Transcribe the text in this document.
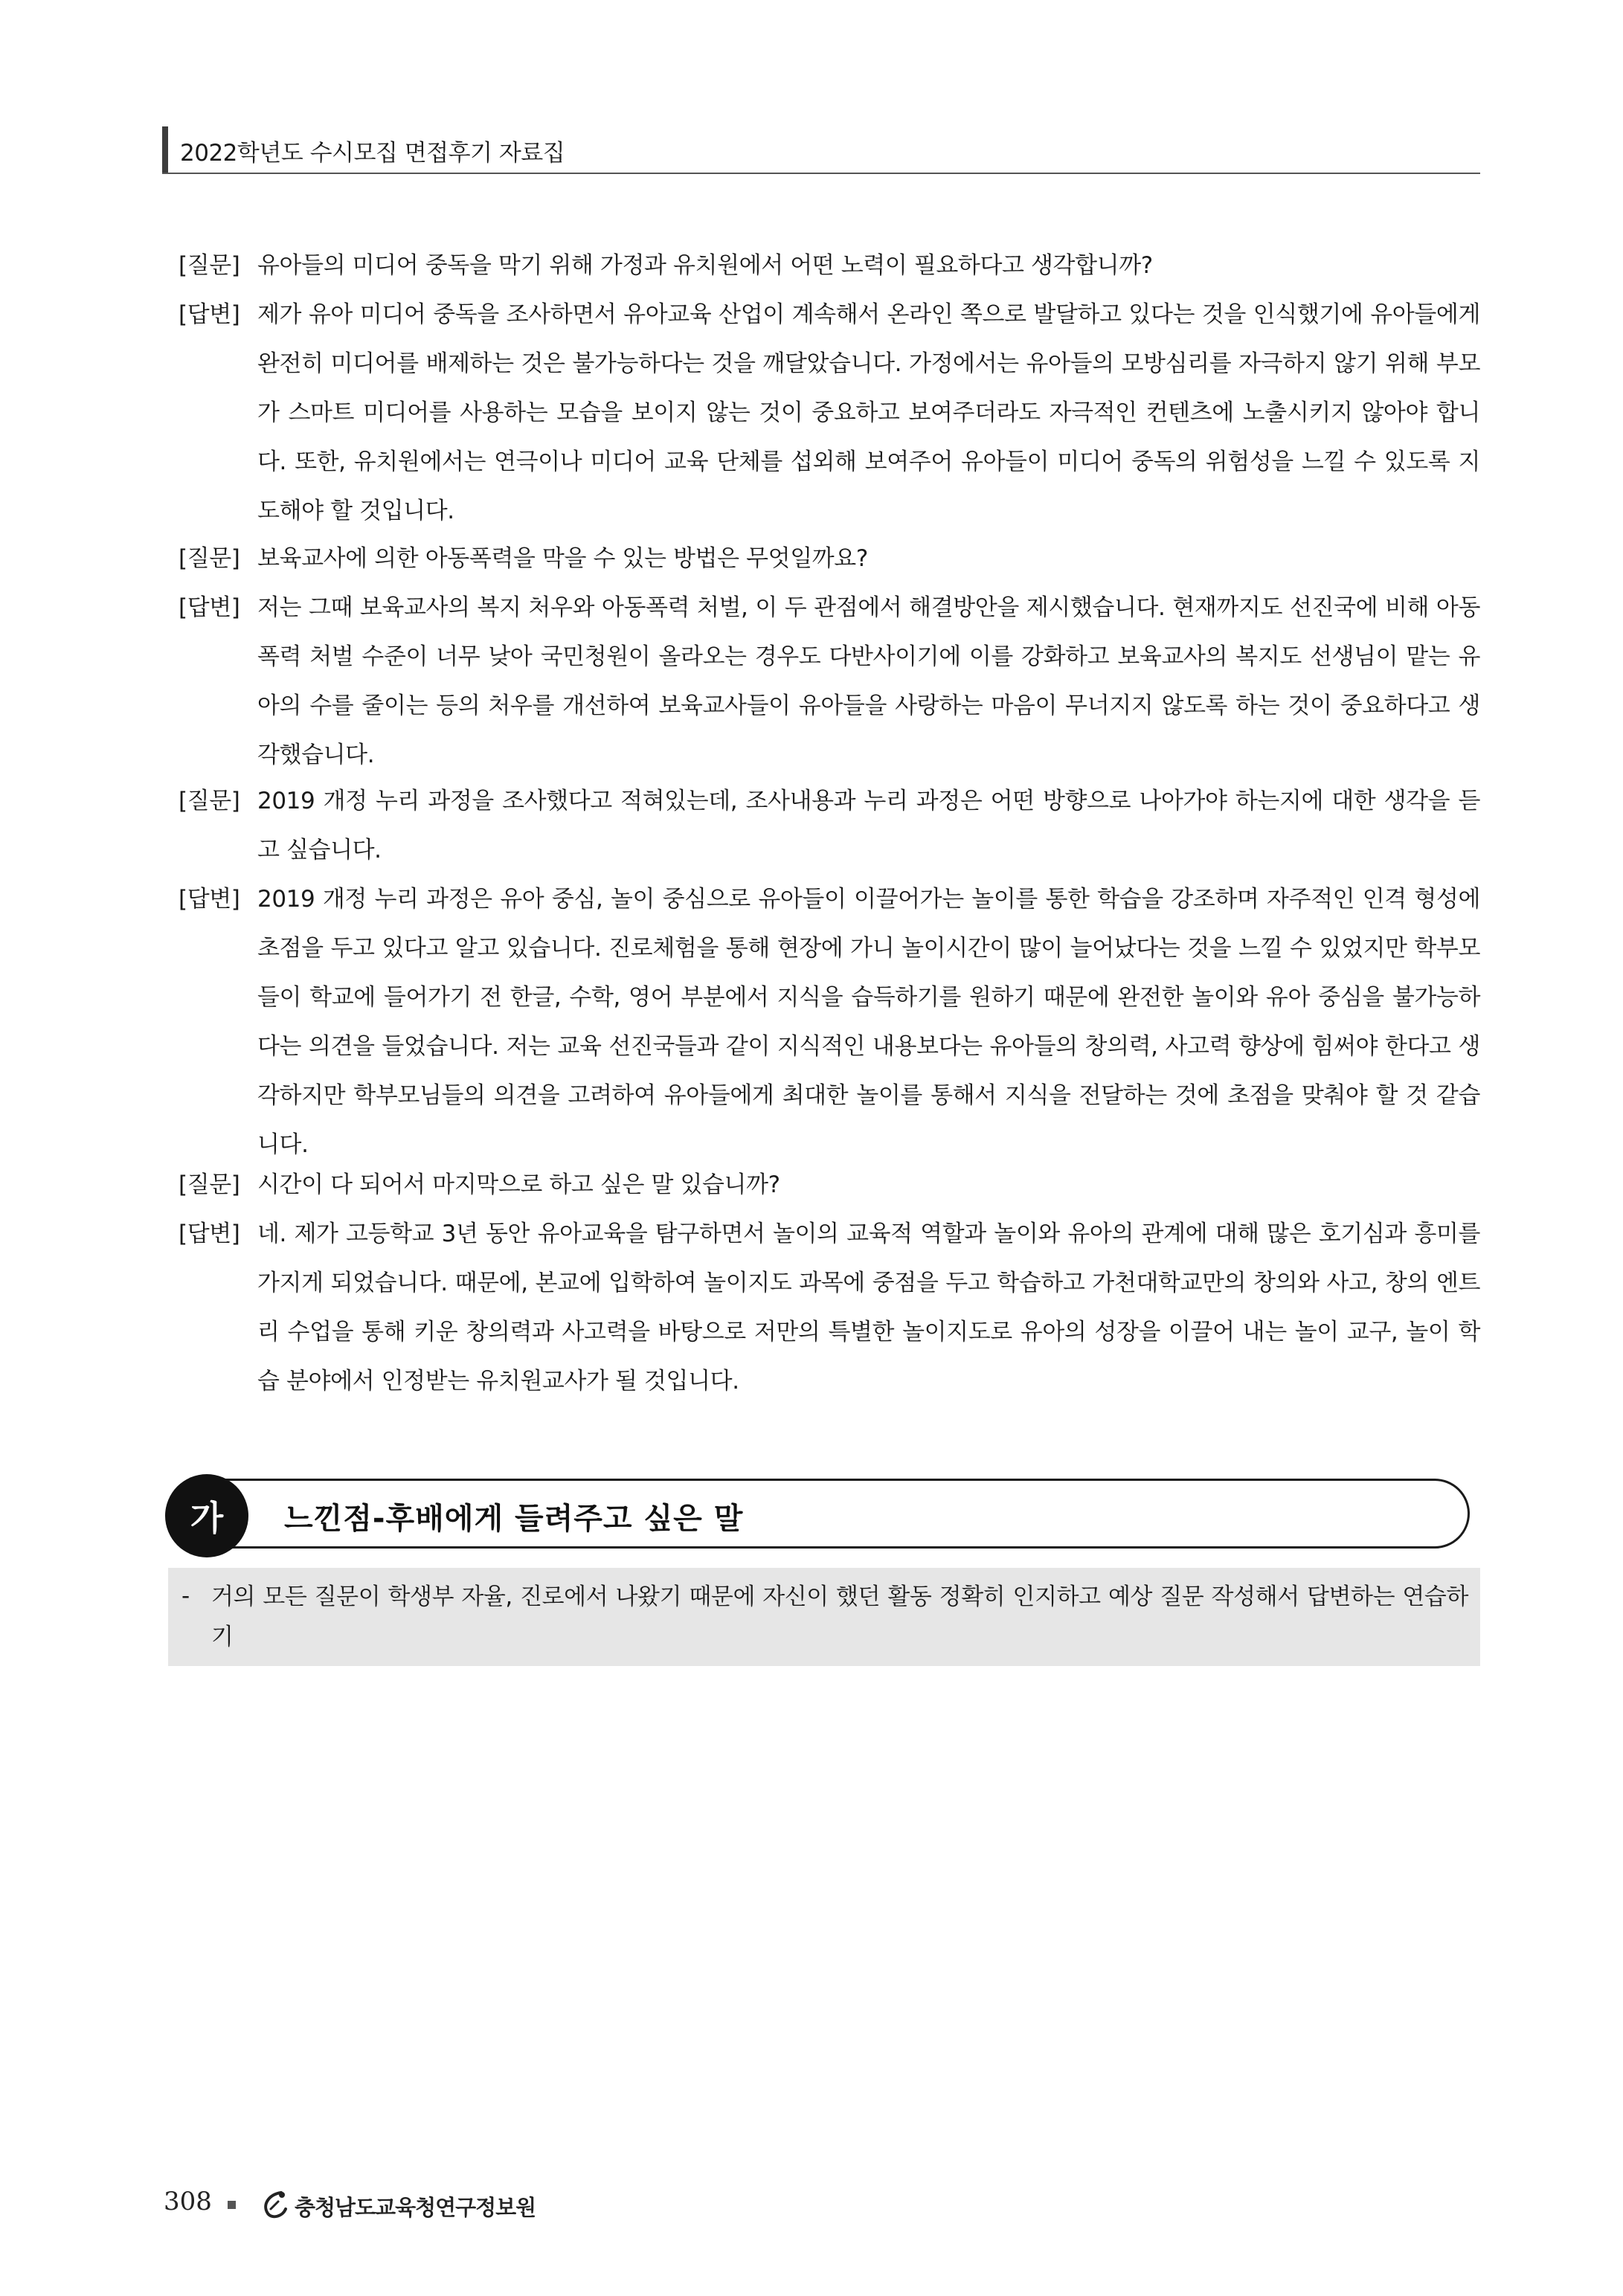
2022학년도 수시모집 면접후기 자료집
[질문] 유아들의 미디어 중독을 막기 위해 가정과 유치원에서 어떤 노력이 필요하다고 생각합니까?
[답변] 제가 유아 미디어 중독을 조사하면서 유아교육 산업이 계속해서 온라인 쪽으로 발달하고 있다는 것을 인식했기에 유아들에게 완전히 미디어를 배제하는 것은 불가능하다는 것을 깨달았습니다. 가정에서는 유아들의 모방심리를 자극하지 않기 위해 부모가 스마트 미디어를 사용하는 모습을 보이지 않는 것이 중요하고 보여주더라도 자극적인 컨텐츠에 노출시키지 않아야 합니다. 또한, 유치원에서는 연극이나 미디어 교육 단체를 섭외해 보여주어 유아들이 미디어 중독의 위험성을 느낄 수 있도록 지도해야 할 것입니다.
[질문] 보육교사에 의한 아동폭력을 막을 수 있는 방법은 무엇일까요?
[답변] 저는 그때 보육교사의 복지 처우와 아동폭력 처벌, 이 두 관점에서 해결방안을 제시했습니다. 현재까지도 선진국에 비해 아동폭력 처벌 수준이 너무 낮아 국민청원이 올라오는 경우도 다반사이기에 이를 강화하고 보육교사의 복지도 선생님이 맡는 유아의 수를 줄이는 등의 처우를 개선하여 보육교사들이 유아들을 사랑하는 마음이 무너지지 않도록 하는 것이 중요하다고 생각했습니다.
[질문] 2019 개정 누리 과정을 조사했다고 적혀있는데, 조사내용과 누리 과정은 어떤 방향으로 나아가야 하는지에 대한 생각을 듣고 싶습니다.
[답변] 2019 개정 누리 과정은 유아 중심, 놀이 중심으로 유아들이 이끌어가는 놀이를 통한 학습을 강조하며 자주적인 인격 형성에 초점을 두고 있다고 알고 있습니다. 진로체험을 통해 현장에 가니 놀이시간이 많이 늘어났다는 것을 느낄 수 있었지만 학부모들이 학교에 들어가기 전 한글, 수학, 영어 부분에서 지식을 습득하기를 원하기 때문에 완전한 놀이와 유아 중심을 불가능하다는 의견을 들었습니다. 저는 교육 선진국들과 같이 지식적인 내용보다는 유아들의 창의력, 사고력 향상에 힘써야 한다고 생각하지만 학부모님들의 의견을 고려하여 유아들에게 최대한 놀이를 통해서 지식을 전달하는 것에 초점을 맞춰야 할 것 같습니다.
[질문] 시간이 다 되어서 마지막으로 하고 싶은 말 있습니까?
[답변] 네. 제가 고등학교 3년 동안 유아교육을 탐구하면서 놀이의 교육적 역할과 놀이와 유아의 관계에 대해 많은 호기심과 흥미를 가지게 되었습니다. 때문에, 본교에 입학하여 놀이지도 과목에 중점을 두고 학습하고 가천대학교만의 창의와 사고, 창의 엔트리 수업을 통해 키운 창의력과 사고력을 바탕으로 저만의 특별한 놀이지도로 유아의 성장을 이끌어 내는 놀이 교구, 놀이 학습 분야에서 인정받는 유치원교사가 될 것입니다.
가 느낀점-후배에게 들려주고 싶은 말
- 거의 모든 질문이 학생부 자율, 진로에서 나왔기 때문에 자신이 했던 활동 정확히 인지하고 예상 질문 작성해서 답변하는 연습하기
308	충청남도교육청연구정보원
